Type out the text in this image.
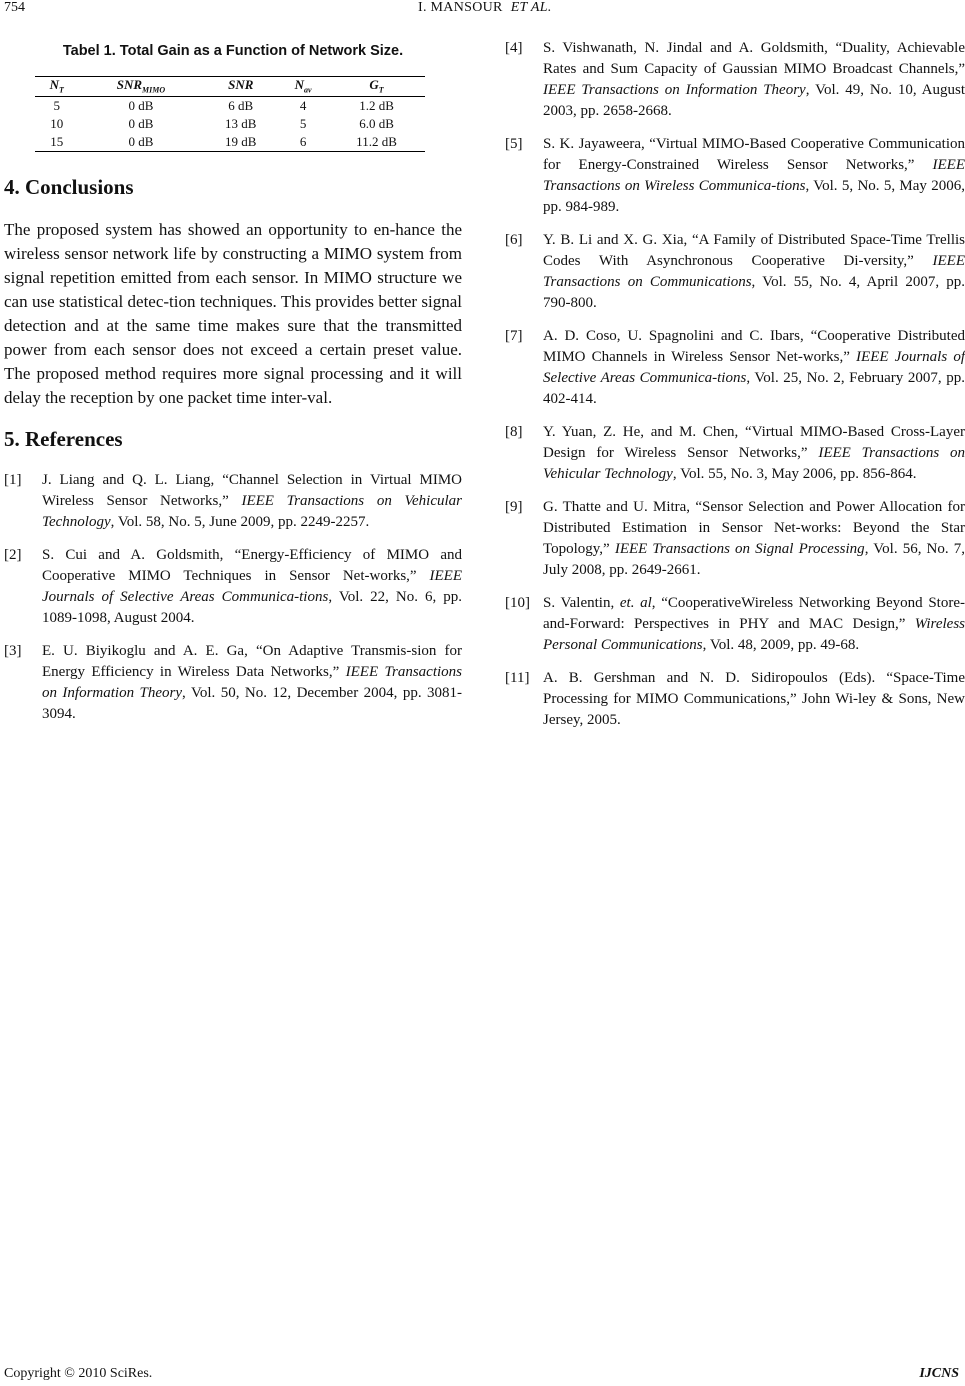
754	I. MANSOUR ET AL.
Tabel 1. Total Gain as a Function of Network Size.
$N_T$	$SNR_{MIMO}$	SNR	$N_{av}$	$G_T$
5	0 dB	6 dB	4	1.2 dB
10	0 dB	13 dB	5	6.0 dB
15	0 dB	19 dB	6	11.2 dB
4. Conclusions

The proposed system has showed an opportunity to en-hance the wireless sensor network life by constructing a MIMO system from signal repetition emitted from each sensor. In MIMO structure we can use statistical detec-tion techniques. This provides better signal detection and at the same time makes sure that the transmitted power from each sensor does not exceed a certain preset value. The proposed method requires more signal processing and it will delay the reception by one packet time inter-val.

5. References
[1]	J. Liang and Q. L. Liang, “Channel Selection in Virtual MIMO Wireless Sensor Networks,” IEEE Transactions on Vehicular Technology, Vol. 58, No. 5, June 2009, pp. 2249-2257.
[2]	S. Cui and A. Goldsmith, “Energy-Efficiency of MIMO and Cooperative MIMO Techniques in Sensor Net-works,” IEEE Journals of Selective Areas Communica-tions, Vol. 22, No. 6, pp. 1089-1098, August 2004.
[3]	E. U. Biyikoglu and A. E. Ga, “On Adaptive Transmis-sion for Energy Efficiency in Wireless Data Networks,” IEEE Transactions on Information Theory, Vol. 50, No. 12, December 2004, pp. 3081-3094.
[4]	S. Vishwanath, N. Jindal and A. Goldsmith, “Duality, Achievable Rates and Sum Capacity of Gaussian MIMO Broadcast Channels,” IEEE Transactions on Information Theory, Vol. 49, No. 10, August 2003, pp. 2658-2668.
[5]	S. K. Jayaweera, “Virtual MIMO-Based Cooperative Communication for Energy-Constrained Wireless Sensor Networks,” IEEE Transactions on Wireless Communica-tions, Vol. 5, No. 5, May 2006, pp. 984-989.
[6]	Y. B. Li and X. G. Xia, “A Family of Distributed Space-Time Trellis Codes With Asynchronous Cooperative Di-versity,” IEEE Transactions on Communications, Vol. 55, No. 4, April 2007, pp. 790-800.
[7]	A. D. Coso, U. Spagnolini and C. Ibars, “Cooperative Distributed MIMO Channels in Wireless Sensor Net-works,” IEEE Journals of Selective Areas Communica-tions, Vol. 25, No. 2, February 2007, pp. 402-414.
[8]	Y. Yuan, Z. He, and M. Chen, “Virtual MIMO-Based Cross-Layer Design for Wireless Sensor Networks,” IEEE Transactions on Vehicular Technology, Vol. 55, No. 3, May 2006, pp. 856-864.
[9]	G. Thatte and U. Mitra, “Sensor Selection and Power Allocation for Distributed Estimation in Sensor Net-works: Beyond the Star Topology,” IEEE Transactions on Signal Processing, Vol. 56, No. 7, July 2008, pp. 2649-2661.
[10] S. Valentin, et. al, “CooperativeWireless Networking Beyond Store-and-Forward: Perspectives in PHY and MAC Design,” Wireless Personal Communications, Vol. 48, 2009, pp. 49-68.
[11] A. B. Gershman and N. D. Sidiropoulos (Eds). “Space-Time Processing for MIMO Communications,” John Wi-ley & Sons, New Jersey, 2005.
Copyright © 2010 SciRes.	IJCNS
